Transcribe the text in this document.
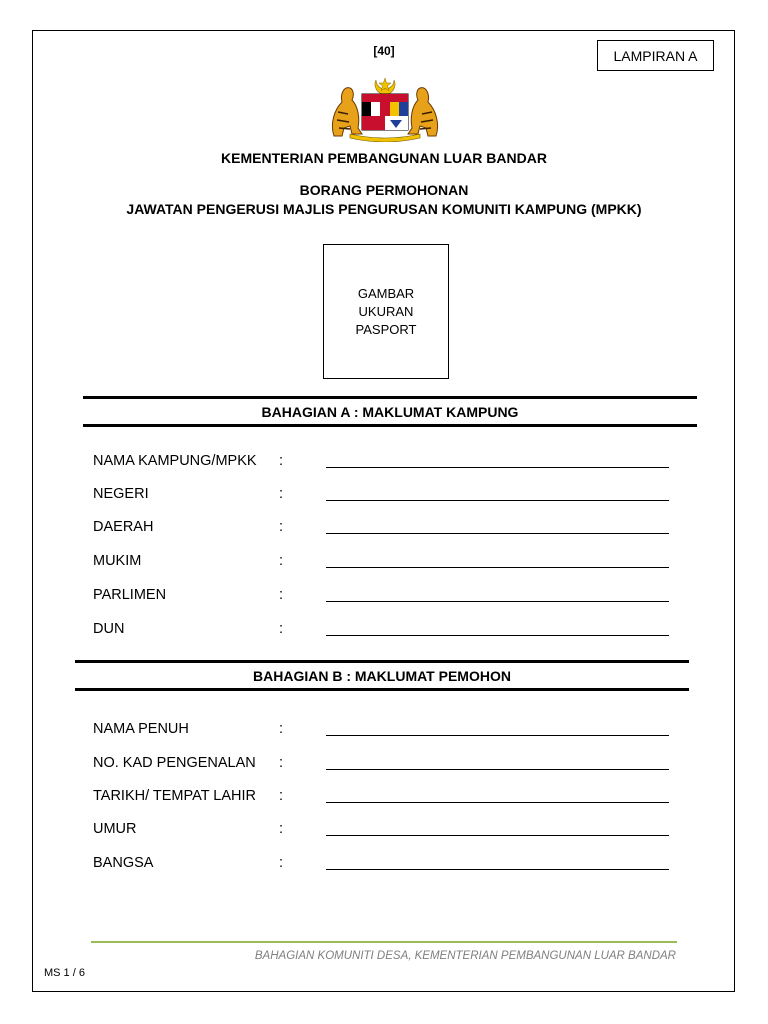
[40]	LAMPIRAN A
KEMENTERIAN PEMBANGUNAN LUAR BANDAR
BORANG PERMOHONAN
JAWATAN PENGERUSI MAJLIS PENGURUSAN KOMUNITI KAMPUNG (MPKK)
GAMBAR
UKURAN
PASPORT
BAHAGIAN A : MAKLUMAT KAMPUNG
NAMA KAMPUNG/MPKK :
NEGERI	:
DAERAH	:
MUKIM	:
PARLIMEN	:
DUN	:
BAHAGIAN B : MAKLUMAT PEMOHON
NAMA PENUH	:
NO. KAD PENGENALAN :
TARIKH/ TEMPAT LAHIR :
UMUR	:
BANGSA	:
BAHAGIAN KOMUNITI DESA, KEMENTERIAN PEMBANGUNAN LUAR BANDAR
MS 1 / 6
